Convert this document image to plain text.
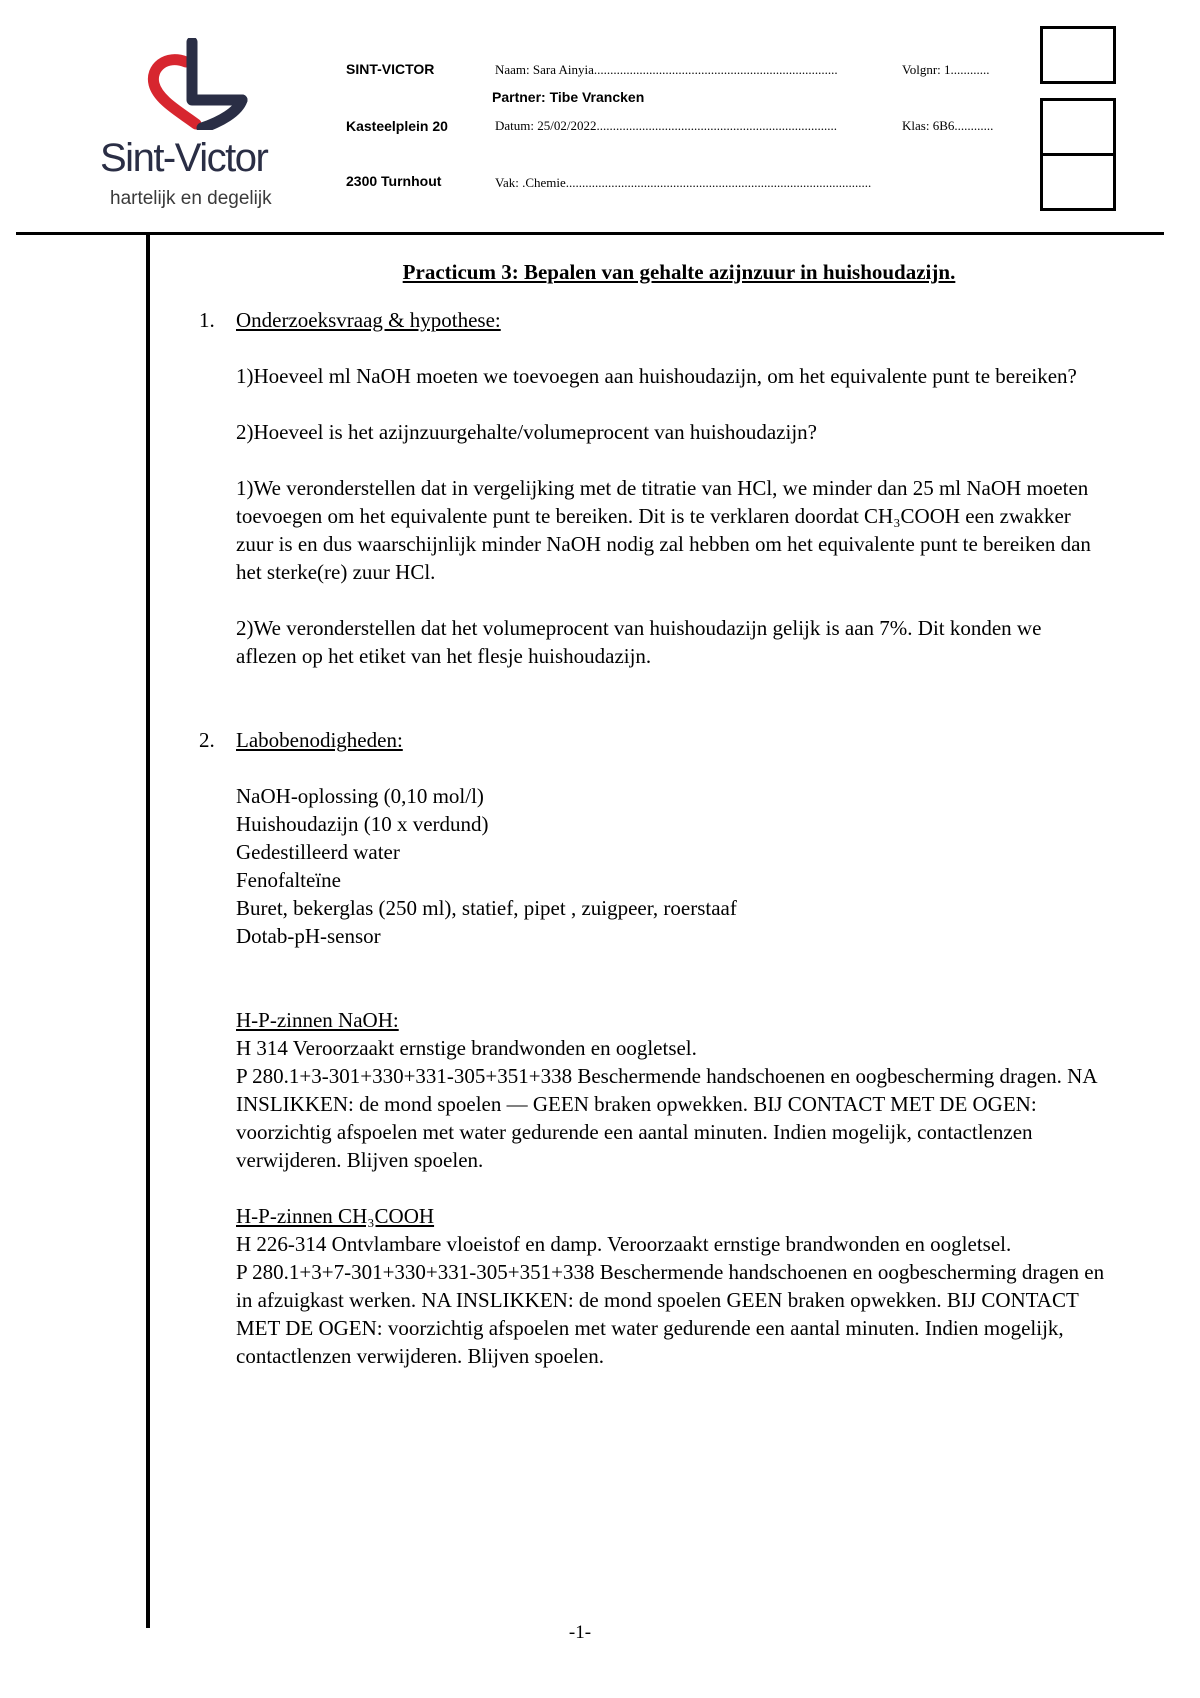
Sint-Victor
hartelijk en degelijk
SINT-VICTOR
Kasteelplein 20
2300 Turnhout
Naam: Sara Ainyia...........................................................................
Partner: Tibe Vrancken
Datum: 25/02/2022..........................................................................
Vak: .Chemie..............................................................................................
Volgnr: 1............
Klas: 6B6............
Practicum 3: Bepalen van gehalte azijnzuur in huishoudazijn.
1. Onderzoeksvraag & hypothese:

1)Hoeveel ml NaOH moeten we toevoegen aan huishoudazijn, om het equivalente punt te bereiken?

2)Hoeveel is het azijnzuurgehalte/volumeprocent van huishoudazijn?

1)We veronderstellen dat in vergelijking met de titratie van HCl, we minder dan 25 ml NaOH moeten toevoegen om het equivalente punt te bereiken. Dit is te verklaren doordat CH₃COOH een zwakker zuur is en dus waarschijnlijk minder NaOH nodig zal hebben om het equivalente punt te bereiken dan het sterke(re) zuur HCl.

2)We veronderstellen dat het volumeprocent van huishoudazijn gelijk is aan 7%. Dit konden we aflezen op het etiket van het flesje huishoudazijn.

2. Labobenodigheden:

NaOH-oplossing (0,10 mol/l)

Huishoudazijn (10 x verdund)

Gedestilleerd water

Fenofalteïne

Buret, bekerglas (250 ml), statief, pipet , zuigpeer, roerstaaf

Dotab-pH-sensor

H-P-zinnen NaOH:

H 314 Veroorzaakt ernstige brandwonden en oogletsel.

P 280.1+3-301+330+331-305+351+338 Beschermende handschoenen en oogbescherming dragen. NA INSLIKKEN: de mond spoelen — GEEN braken opwekken. BIJ CONTACT MET DE OGEN: voorzichtig afspoelen met water gedurende een aantal minuten. Indien mogelijk, contactlenzen verwijderen. Blijven spoelen.

H-P-zinnen CH₃COOH

H 226-314 Ontvlambare vloeistof en damp. Veroorzaakt ernstige brandwonden en oogletsel.

P 280.1+3+7-301+330+331-305+351+338 Beschermende handschoenen en oogbescherming dragen en in afzuigkast werken. NA INSLIKKEN: de mond spoelen GEEN braken opwekken. BIJ CONTACT MET DE OGEN: voorzichtig afspoelen met water gedurende een aantal minuten. Indien mogelijk, contactlenzen verwijderen. Blijven spoelen.

-1-
